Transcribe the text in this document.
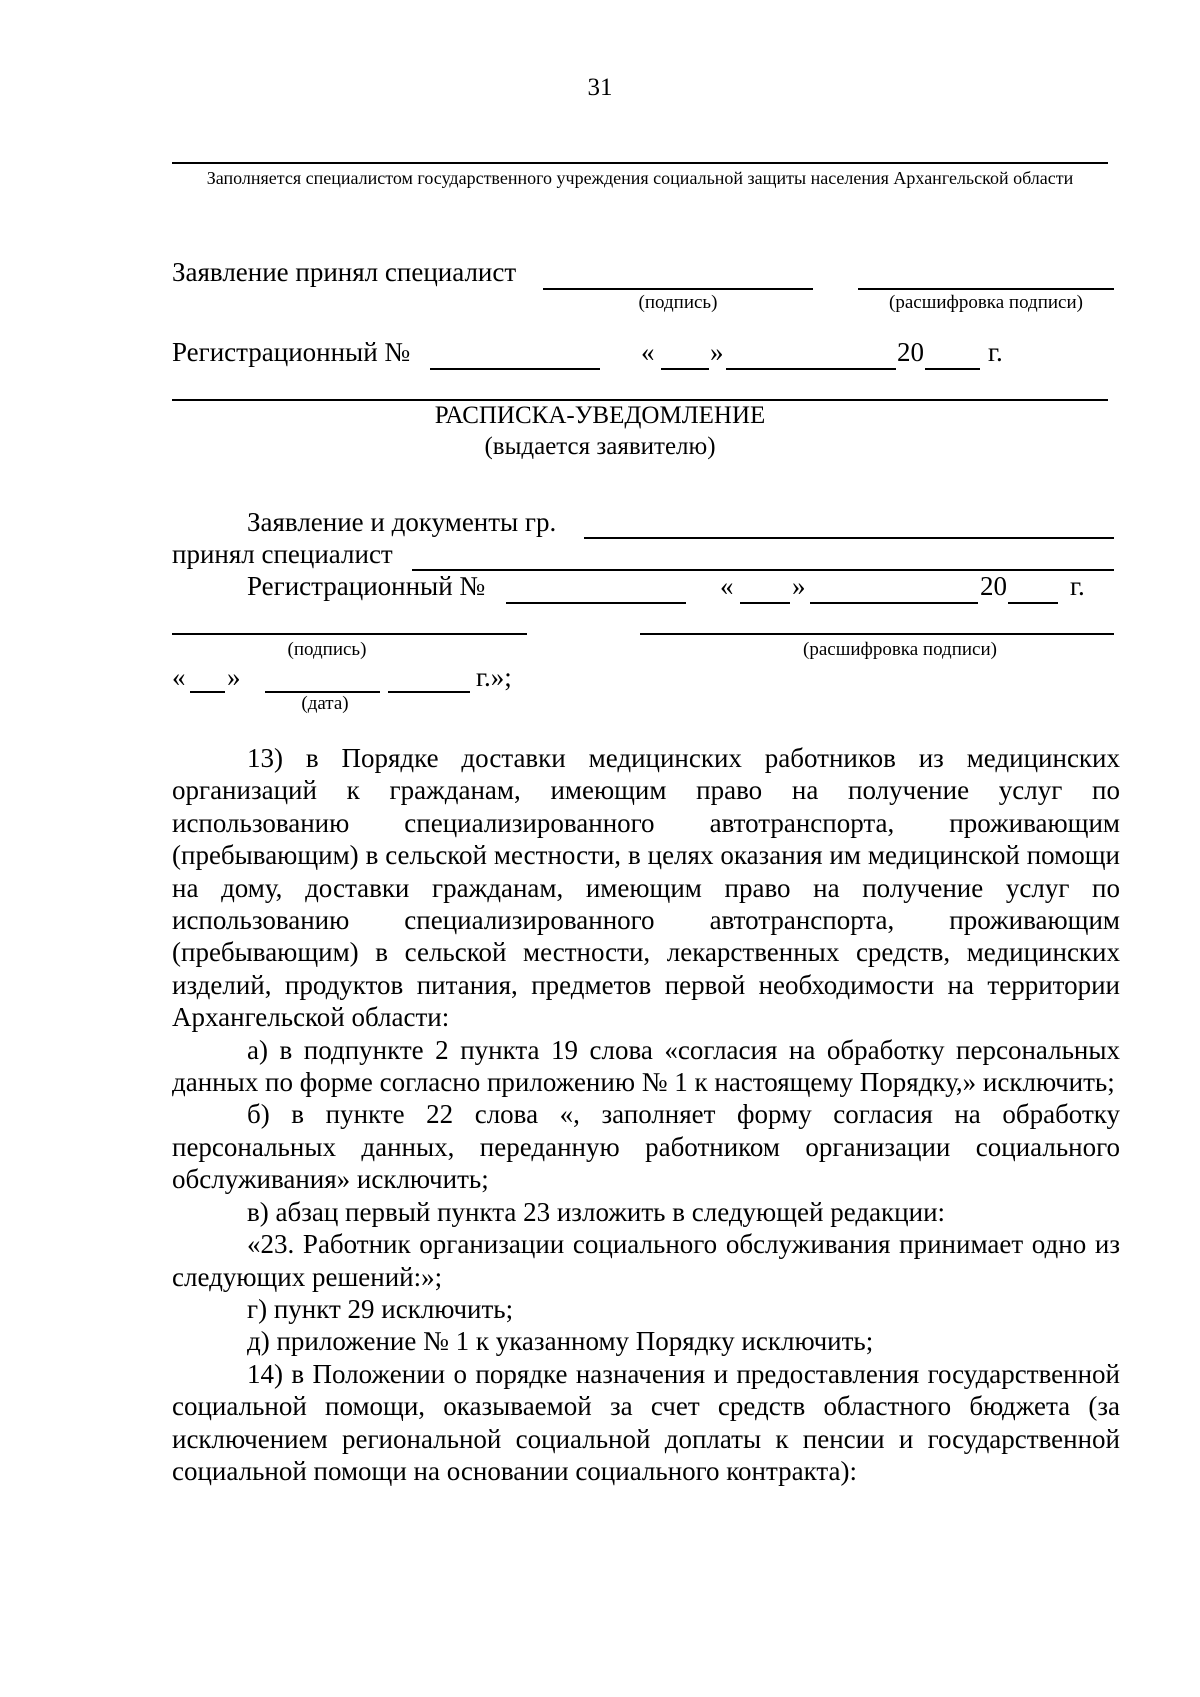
31
Заполняется специалистом государственного учреждения социальной защиты населения Архангельской области
Заявление принял специалист
(подпись)	(расшифровка подписи)
Регистрационный №	« »	20 г.
РАСПИСКА-УВЕДОМЛЕНИЕ
(выдается заявителю)
Заявление и документы гр.
принял специалист
Регистрационный №	« »	20 г.
(подпись)	(расшифровка подписи)
« »	г.»;
(дата)

13) в Порядке доставки медицинских работников из медицинских организаций к гражданам, имеющим право на получение услуг по использованию специализированного автотранспорта, проживающим (пребывающим) в сельской местности, в целях оказания им медицинской помощи на дому, доставки гражданам, имеющим право на получение услуг по использованию специализированного автотранспорта, проживающим (пребывающим) в сельской местности, лекарственных средств, медицинских изделий, продуктов питания, предметов первой необходимости на территории Архангельской области:

а) в подпункте 2 пункта 19 слова «согласия на обработку персональных данных по форме согласно приложению № 1 к настоящему Порядку,» исключить;

б) в пункте 22 слова «, заполняет форму согласия на обработку персональных данных, переданную работником организации социального обслуживания» исключить;

в) абзац первый пункта 23 изложить в следующей редакции:

«23. Работник организации социального обслуживания принимает одно из следующих решений:»;

г) пункт 29 исключить;

д) приложение № 1 к указанному Порядку исключить;

14) в Положении о порядке назначения и предоставления государственной социальной помощи, оказываемой за счет средств областного бюджета (за исключением региональной социальной доплаты к пенсии и государственной социальной помощи на основании социального контракта):
